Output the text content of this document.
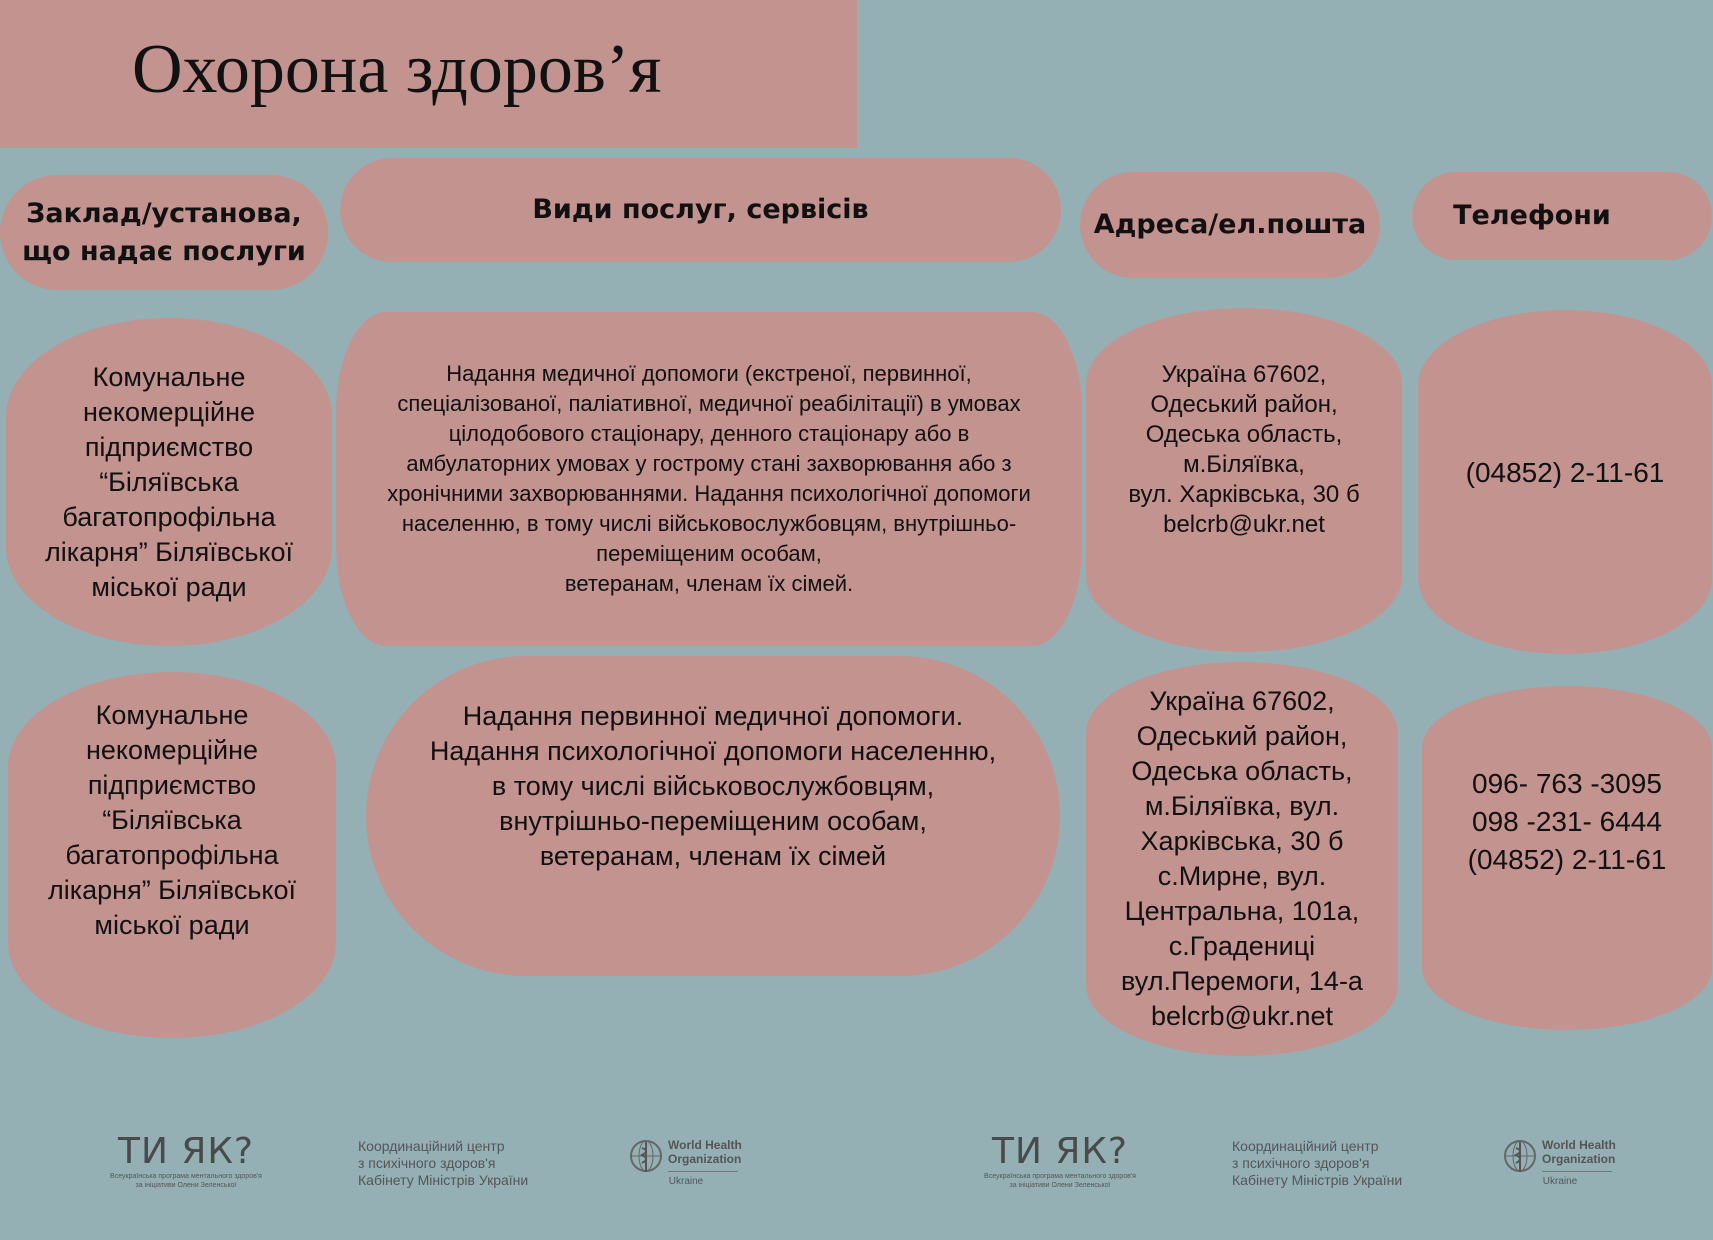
Охорона здоров’я
Заклад/установа,
що надає послуги
Види послуг, сервісів	Адреса/ел.пошта	Телефони
Комунальне
некомерційне
підприємство
“Біляївська
багатопрофільна
лікарня” Біляївської
міської ради
Надання медичної допомоги (екстреної, первинної,
спеціалізованої, паліативної, медичної реабілітації) в умовах
цілодобового стаціонару, денного стаціонару або в
амбулаторних умовах у гострому стані захворювання або з
хронічними захворюваннями. Надання психологічної допомоги
населенню, в тому числі військовослужбовцям, внутрішньо-
переміщеним особам,
ветеранам, членам їх сімей.
Україна 67602,
Одеський район,
Одеська область,
м.Біляївка,
вул. Харківська, 30 б
belcrb@ukr.net
(04852) 2-11-61
Комунальне
некомерційне
підприємство
“Біляївська
багатопрофільна
лікарня” Біляївської
міської ради
Надання первинної медичної допомоги.
Надання психологічної допомоги населенню,
в тому числі військовослужбовцям,
внутрішньо-переміщеним особам,
ветеранам, членам їх сімей
Україна 67602,
Одеський район,
Одеська область,
м.Біляївка, вул.
Харківська, 30 б
с.Мирне, вул.
Центральна, 101а,
с.Градениці
вул.Перемоги, 14-а
belcrb@ukr.net
096- 763 -3095
098 -231- 6444
(04852) 2-11-61
ТИ ЯК?
Всеукраїнська програма ментального здоров'я
за ініціативи Олени Зеленської
Координаційний центр
з психічного здоров'я
Кабінету Міністрів України
World Health
Organization
Ukraine
ТИ ЯК?
Всеукраїнська програма ментального здоров'я
за ініціативи Олени Зеленської
Координаційний центр
з психічного здоров'я
Кабінету Міністрів України
World Health
Organization
Ukraine
